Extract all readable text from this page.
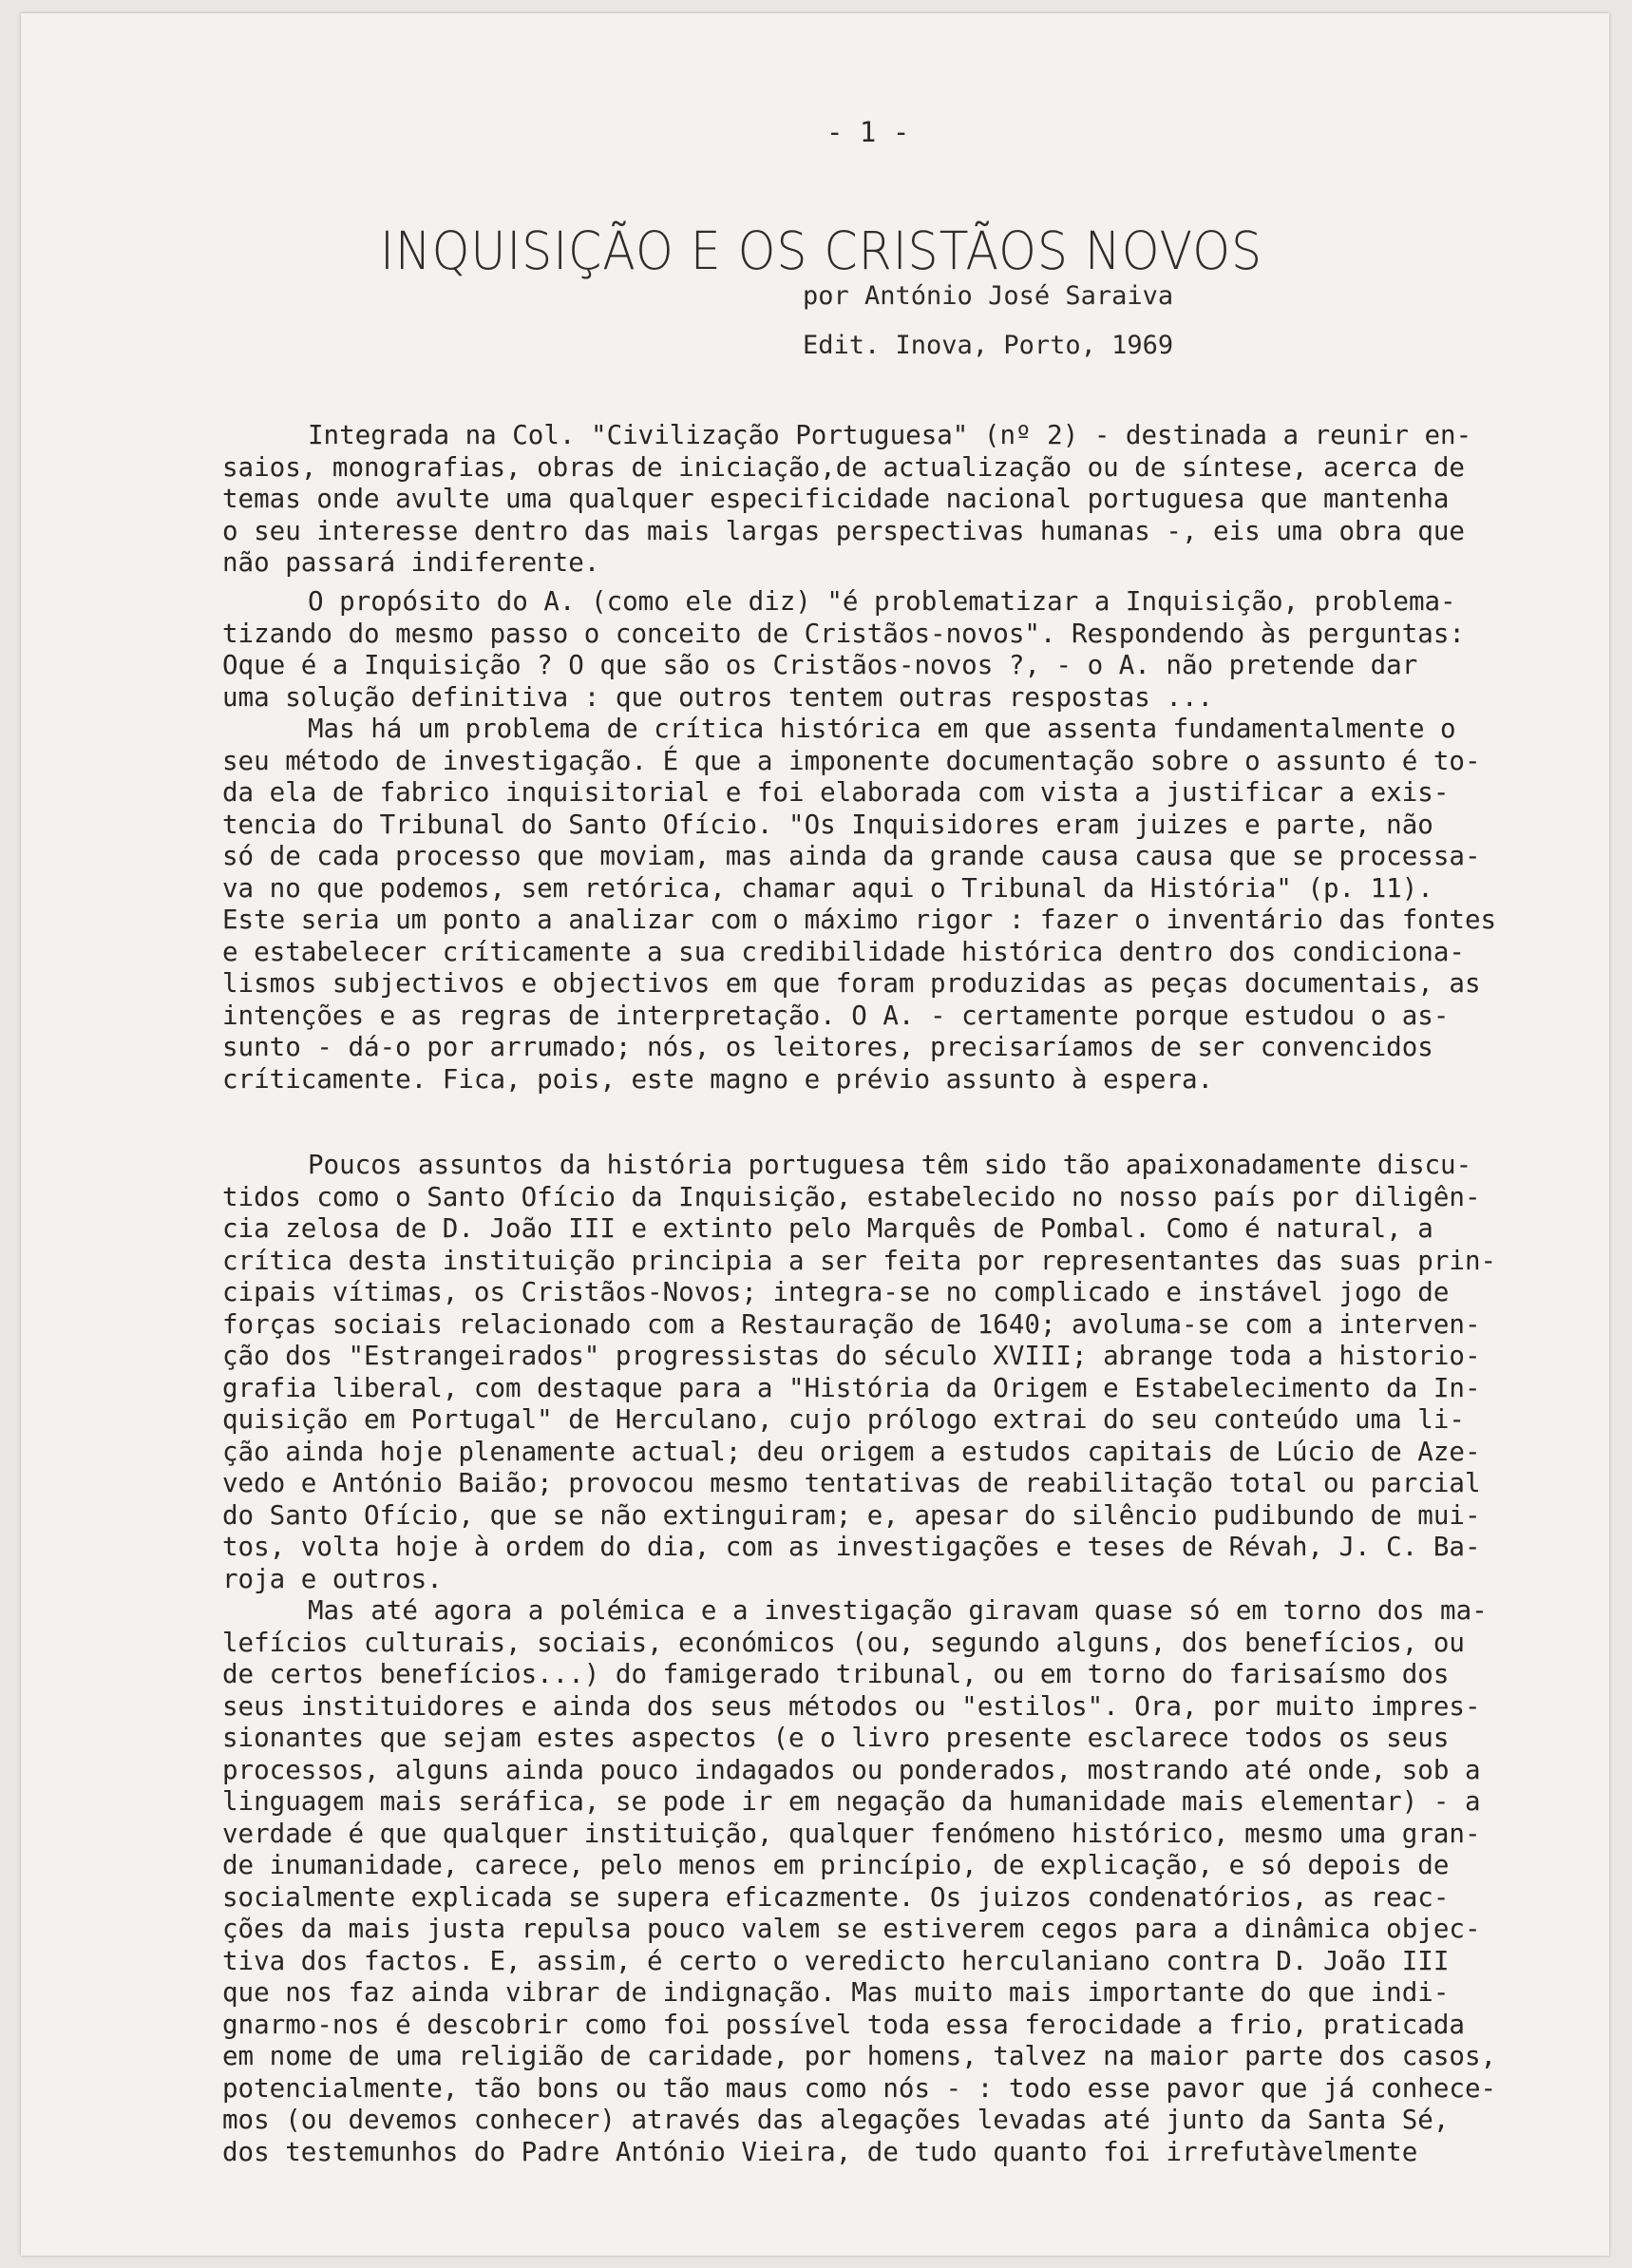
- 1 -
INQUISIÇÃO E OS CRISTÃOS NOVOS
por António José Saraiva
Edit. Inova, Porto, 1969
Integrada na Col. "Civilização Portuguesa" (nº 2) - destinada a reunir en-
saios, monografias, obras de iniciação,de actualização ou de síntese, acerca de
temas onde avulte uma qualquer especificidade nacional portuguesa que mantenha
o seu interesse dentro das mais largas perspectivas humanas -, eis uma obra que
não passará indiferente.
O propósito do A. (como ele diz) "é problematizar a Inquisição, problema-
tizando do mesmo passo o conceito de Cristãos-novos". Respondendo às perguntas:
Oque é a Inquisição ? O que são os Cristãos-novos ?, - o A. não pretende dar
uma solução definitiva : que outros tentem outras respostas ...
Mas há um problema de crítica histórica em que assenta fundamentalmente o
seu método de investigação. É que a imponente documentação sobre o assunto é to-
da ela de fabrico inquisitorial e foi elaborada com vista a justificar a exis-
tencia do Tribunal do Santo Ofício. "Os Inquisidores eram juizes e parte, não
só de cada processo que moviam, mas ainda da grande causa causa que se processa-
va no que podemos, sem retórica, chamar aqui o Tribunal da História" (p. 11).
Este seria um ponto a analizar com o máximo rigor : fazer o inventário das fontes
e estabelecer críticamente a sua credibilidade histórica dentro dos condiciona-
lismos subjectivos e objectivos em que foram produzidas as peças documentais, as
intenções e as regras de interpretação. O A. - certamente porque estudou o as-
sunto - dá-o por arrumado; nós, os leitores, precisaríamos de ser convencidos
críticamente. Fica, pois, este magno e prévio assunto à espera.
Poucos assuntos da história portuguesa têm sido tão apaixonadamente discu-
tidos como o Santo Ofício da Inquisição, estabelecido no nosso país por diligên-
cia zelosa de D. João III e extinto pelo Marquês de Pombal. Como é natural, a
crítica desta instituição principia a ser feita por representantes das suas prin-
cipais vítimas, os Cristãos-Novos; integra-se no complicado e instável jogo de
forças sociais relacionado com a Restauração de 1640; avoluma-se com a interven-
ção dos "Estrangeirados" progressistas do século XVIII; abrange toda a historio-
grafia liberal, com destaque para a "História da Origem e Estabelecimento da In-
quisição em Portugal" de Herculano, cujo prólogo extrai do seu conteúdo uma li-
ção ainda hoje plenamente actual; deu origem a estudos capitais de Lúcio de Aze-
vedo e António Baião; provocou mesmo tentativas de reabilitação total ou parcial
do Santo Ofício, que se não extinguiram; e, apesar do silêncio pudibundo de mui-
tos, volta hoje à ordem do dia, com as investigações e teses de Révah, J. C. Ba-
roja e outros.
Mas até agora a polémica e a investigação giravam quase só em torno dos ma-
lefícios culturais, sociais, económicos (ou, segundo alguns, dos benefícios, ou
de certos benefícios...) do famigerado tribunal, ou em torno do farisaísmo dos
seus instituidores e ainda dos seus métodos ou "estilos". Ora, por muito impres-
sionantes que sejam estes aspectos (e o livro presente esclarece todos os seus
processos, alguns ainda pouco indagados ou ponderados, mostrando até onde, sob a
linguagem mais seráfica, se pode ir em negação da humanidade mais elementar) - a
verdade é que qualquer instituição, qualquer fenómeno histórico, mesmo uma gran-
de inumanidade, carece, pelo menos em princípio, de explicação, e só depois de
socialmente explicada se supera eficazmente. Os juizos condenatórios, as reac-
ções da mais justa repulsa pouco valem se estiverem cegos para a dinâmica objec-
tiva dos factos. E, assim, é certo o veredicto herculaniano contra D. João III
que nos faz ainda vibrar de indignação. Mas muito mais importante do que indi-
gnarmo-nos é descobrir como foi possível toda essa ferocidade a frio, praticada
em nome de uma religião de caridade, por homens, talvez na maior parte dos casos,
potencialmente, tão bons ou tão maus como nós - : todo esse pavor que já conhece-
mos (ou devemos conhecer) através das alegações levadas até junto da Santa Sé,
dos testemunhos do Padre António Vieira, de tudo quanto foi irrefutàvelmente
